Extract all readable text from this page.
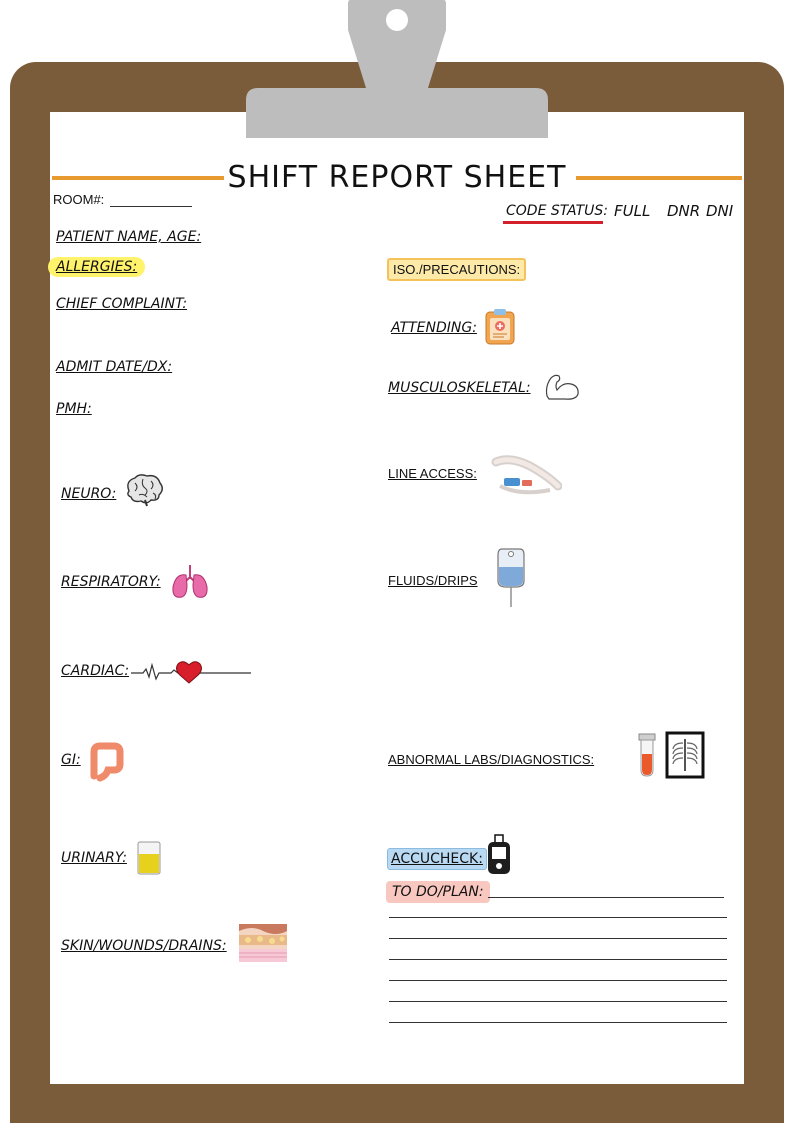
SHIFT REPORT SHEET
ROOM#:
CODE STATUS: FULL DNR DNI
PATIENT NAME, AGE:
ALLERGIES:
CHIEF COMPLAINT:
ADMIT DATE/DX:
PMH:
NEURO:
RESPIRATORY:
CARDIAC:
GI:
URINARY:
SKIN/WOUNDS/DRAINS:
ISO./PRECAUTIONS:
ATTENDING:
MUSCULOSKELETAL:
LINE ACCESS:
FLUIDS/DRIPS
ABNORMAL LABS/DIAGNOSTICS:
ACCUCHECK:
TO DO/PLAN:
